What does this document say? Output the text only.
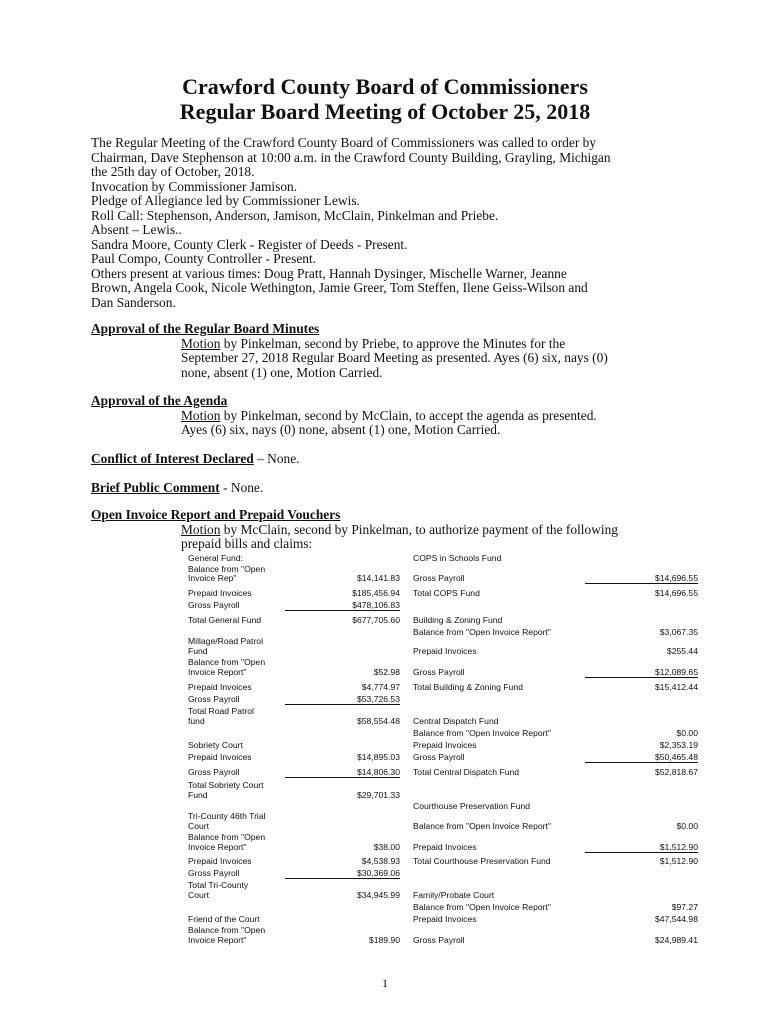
Crawford County Board of Commissioners
Regular Board Meeting of October 25, 2018
The Regular Meeting of the Crawford County Board of Commissioners was called to order by
Chairman, Dave Stephenson at 10:00 a.m. in the Crawford County Building, Grayling, Michigan
the 25th day of October, 2018.
Invocation by Commissioner Jamison.
Pledge of Allegiance led by Commissioner Lewis.
Roll Call: Stephenson, Anderson, Jamison, McClain, Pinkelman and Priebe.
Absent – Lewis..
Sandra Moore, County Clerk - Register of Deeds - Present.
Paul Compo, County Controller - Present.
Others present at various times: Doug Pratt, Hannah Dysinger, Mischelle Warner, Jeanne
Brown, Angela Cook, Nicole Wethington, Jamie Greer, Tom Steffen, Ilene Geiss-Wilson and
Dan Sanderson.
Approval of the Regular Board Minutes
Motion by Pinkelman, second by Priebe, to approve the Minutes for the
September 27, 2018 Regular Board Meeting as presented. Ayes (6) six, nays (0)
none, absent (1) one, Motion Carried.
Approval of the Agenda
Motion by Pinkelman, second by McClain, to accept the agenda as presented.
Ayes (6) six, nays (0) none, absent (1) one, Motion Carried.
Conflict of Interest Declared – None.
Brief Public Comment - None.
Open Invoice Report and Prepaid Vouchers
Motion by McClain, second by Pinkelman, to authorize payment of the following
prepaid bills and claims:
General Fund:
Balance from "Open
Invoice Rep"	$14,141.83
Prepaid Invoices	$185,456.94
Gross Payroll	$478,106.83
Total General Fund	$677,705.60
Millage/Road Patrol
Fund
Balance from "Open
Invoice Report"	$52.98
Prepaid Invoices	$4,774.97
Gross Payroll	$53,726.53
Total Road Patrol
fund	$58,554.48
Sobriety Court
Prepaid Invoices	$14,895.03
Gross Payroll	$14,806.30
Total Sobriety Court
Fund	$29,701.33
Tri-County 46th Trial
Court
Balance from "Open
Invoice Report"	$38.00
Prepaid Invoices	$4,538.93
Gross Payroll	$30,369.06
Total Tri-County
Court	$34,945.99
Friend of the Court
Balance from "Open
Invoice Report"	$189.90
COPS in Schools Fund
Gross Payroll	$14,696.55
Total COPS Fund	$14,696.55
Building & Zoning Fund
Balance from "Open Invoice Report"	$3,067.35
Prepaid Invoices	$255.44
Gross Payroll	$12,089.65
Total Building & Zoning Fund	$15,412.44
Central Dispatch Fund
Balance from "Open Invoice Report"	$0.00
Prepaid Invoices	$2,353.19
Gross Payroll	$50,465.48
Total Central Dispatch Fund	$52,818.67
Courthouse Preservation Fund
Balance from "Open Invoice Report"	$0.00
Prepaid Invoices	$1,512.90
Total Courthouse Preservation Fund	$1,512.90
Family/Probate Court
Balance from "Open Invoice Report"	$97.27
Prepaid Invoices	$47,544.98
Gross Payroll	$24,989.41
1
